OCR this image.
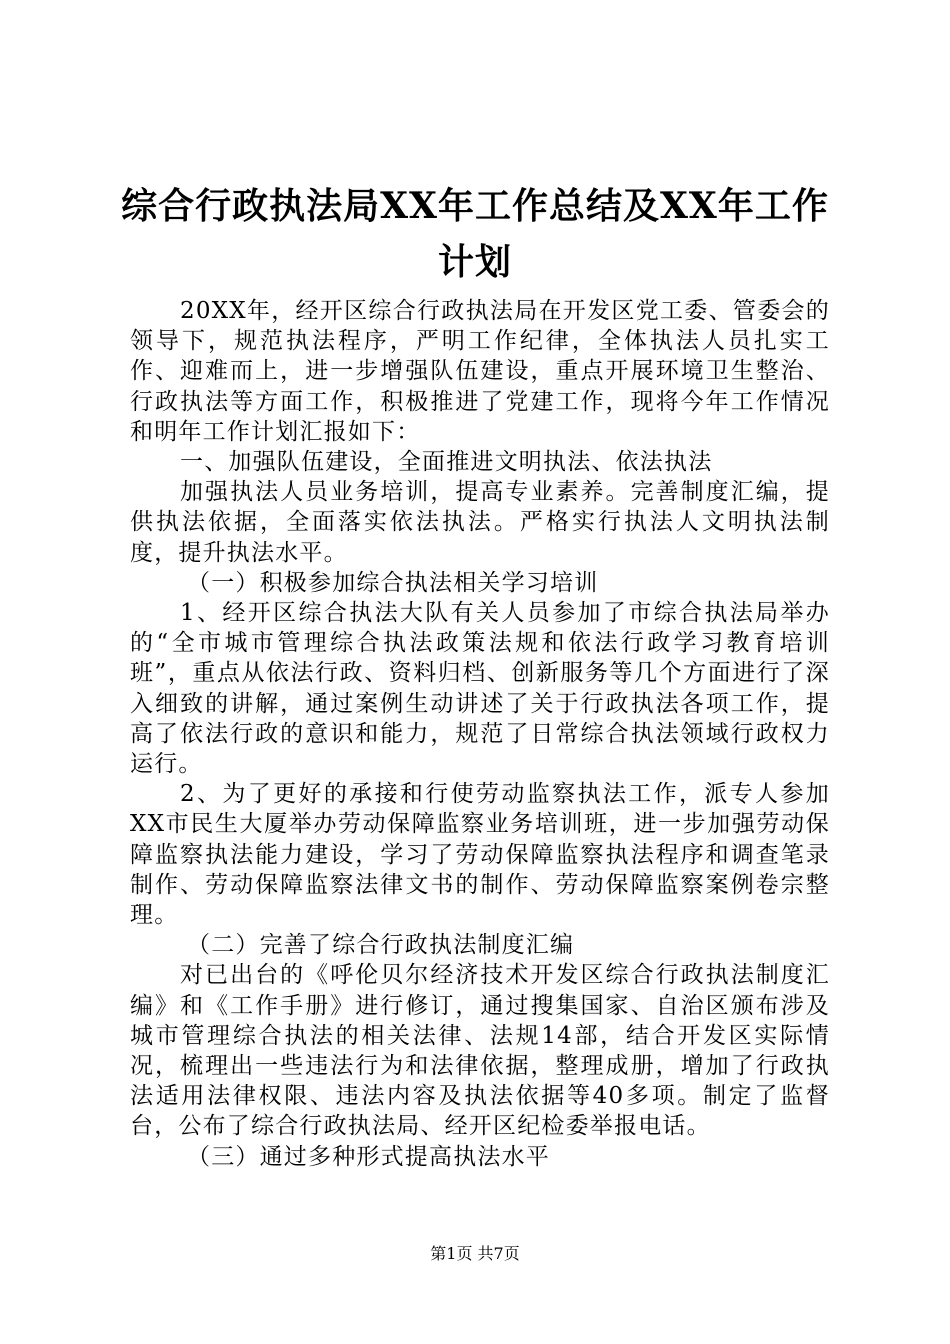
综合行政执法局XX年工作总结及XX年工作计划

20XX年，经开区综合行政执法局在开发区党工委、管委会的领导下，规范执法程序，严明工作纪律，全体执法人员扎实工作、迎难而上，进一步增强队伍建设，重点开展环境卫生整治、行政执法等方面工作，积极推进了党建工作，现将今年工作情况和明年工作计划汇报如下：

一、加强队伍建设，全面推进文明执法、依法执法

加强执法人员业务培训，提高专业素养。完善制度汇编，提供执法依据，全面落实依法执法。严格实行执法人文明执法制度，提升执法水平。

（一）积极参加综合执法相关学习培训

1、经开区综合执法大队有关人员参加了市综合执法局举办的“全市城市管理综合执法政策法规和依法行政学习教育培训班”，重点从依法行政、资料归档、创新服务等几个方面进行了深入细致的讲解，通过案例生动讲述了关于行政执法各项工作，提高了依法行政的意识和能力，规范了日常综合执法领域行政权力运行。

2、为了更好的承接和行使劳动监察执法工作，派专人参加XX市民生大厦举办劳动保障监察业务培训班，进一步加强劳动保障监察执法能力建设，学习了劳动保障监察执法程序和调查笔录制作、劳动保障监察法律文书的制作、劳动保障监察案例卷宗整理。

（二）完善了综合行政执法制度汇编

对已出台的《呼伦贝尔经济技术开发区综合行政执法制度汇编》和《工作手册》进行修订，通过搜集国家、自治区颁布涉及城市管理综合执法的相关法律、法规14部，结合开发区实际情况，梳理出一些违法行为和法律依据，整理成册，增加了行政执法适用法律权限、违法内容及执法依据等40多项。制定了监督台，公布了综合行政执法局、经开区纪检委举报电话。

（三）通过多种形式提高执法水平

第1页 共7页
